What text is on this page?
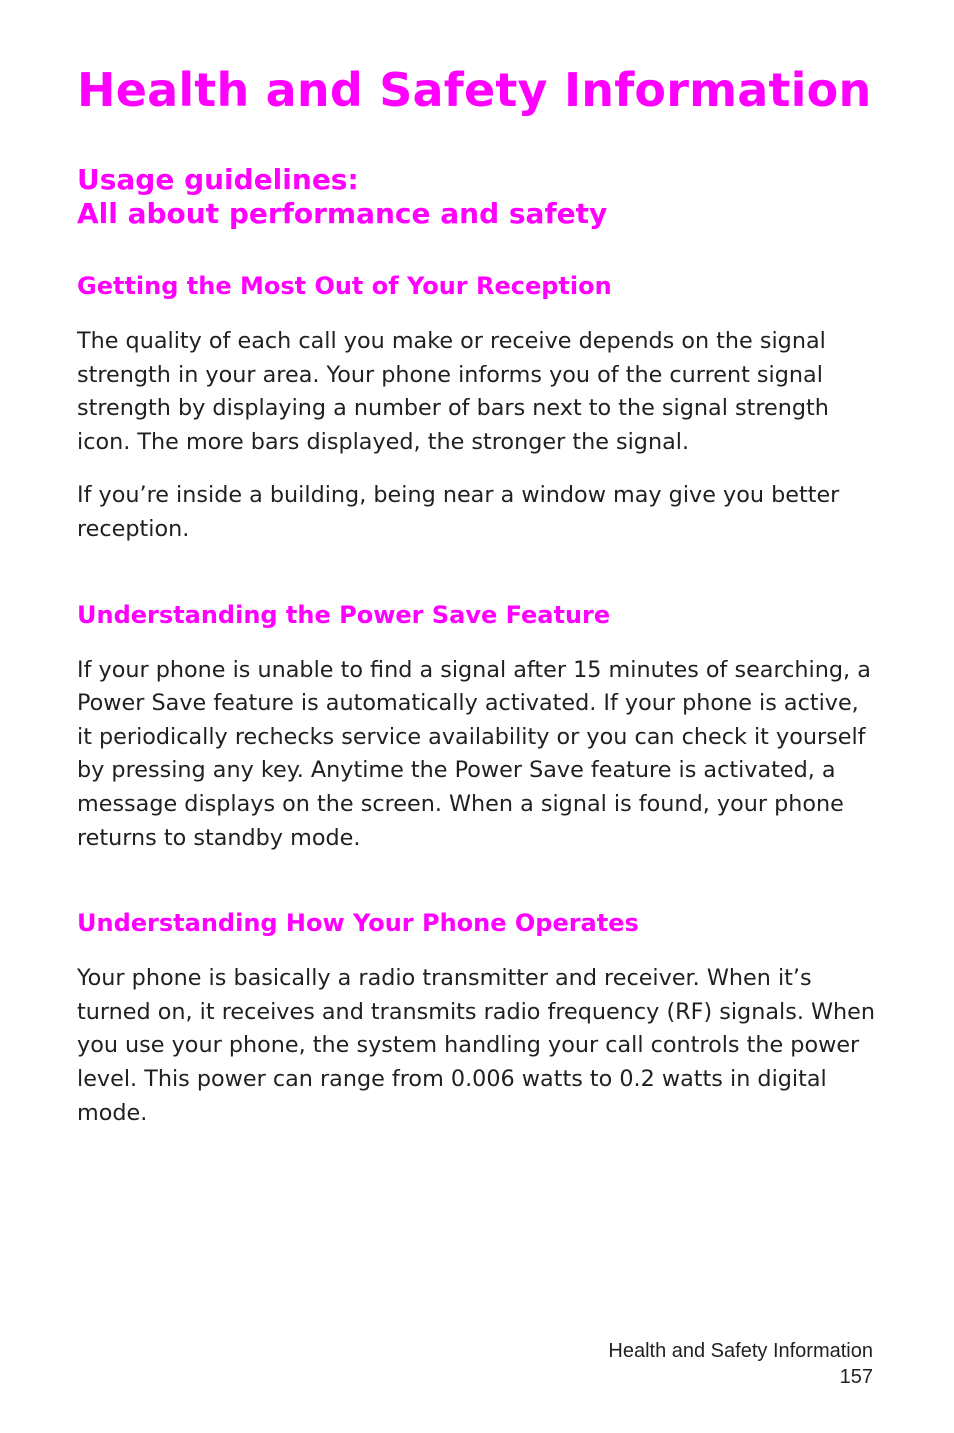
Health and Safety Information
Usage guidelines:
All about performance and safety
Getting the Most Out of Your Reception

The quality of each call you make or receive depends on the signal strength in your area. Your phone informs you of the current signal strength by displaying a number of bars next to the signal strength icon. The more bars displayed, the stronger the signal.

If you’re inside a building, being near a window may give you better reception.

Understanding the Power Save Feature

If your phone is unable to find a signal after 15 minutes of searching, a Power Save feature is automatically activated. If your phone is active, it periodically rechecks service availability or you can check it yourself by pressing any key. Anytime the Power Save feature is activated, a message displays on the screen. When a signal is found, your phone returns to standby mode.

Understanding How Your Phone Operates

Your phone is basically a radio transmitter and receiver. When it’s turned on, it receives and transmits radio frequency (RF) signals. When you use your phone, the system handling your call controls the power level. This power can range from 0.006 watts to 0.2 watts in digital mode.

Health and Safety Information
157
